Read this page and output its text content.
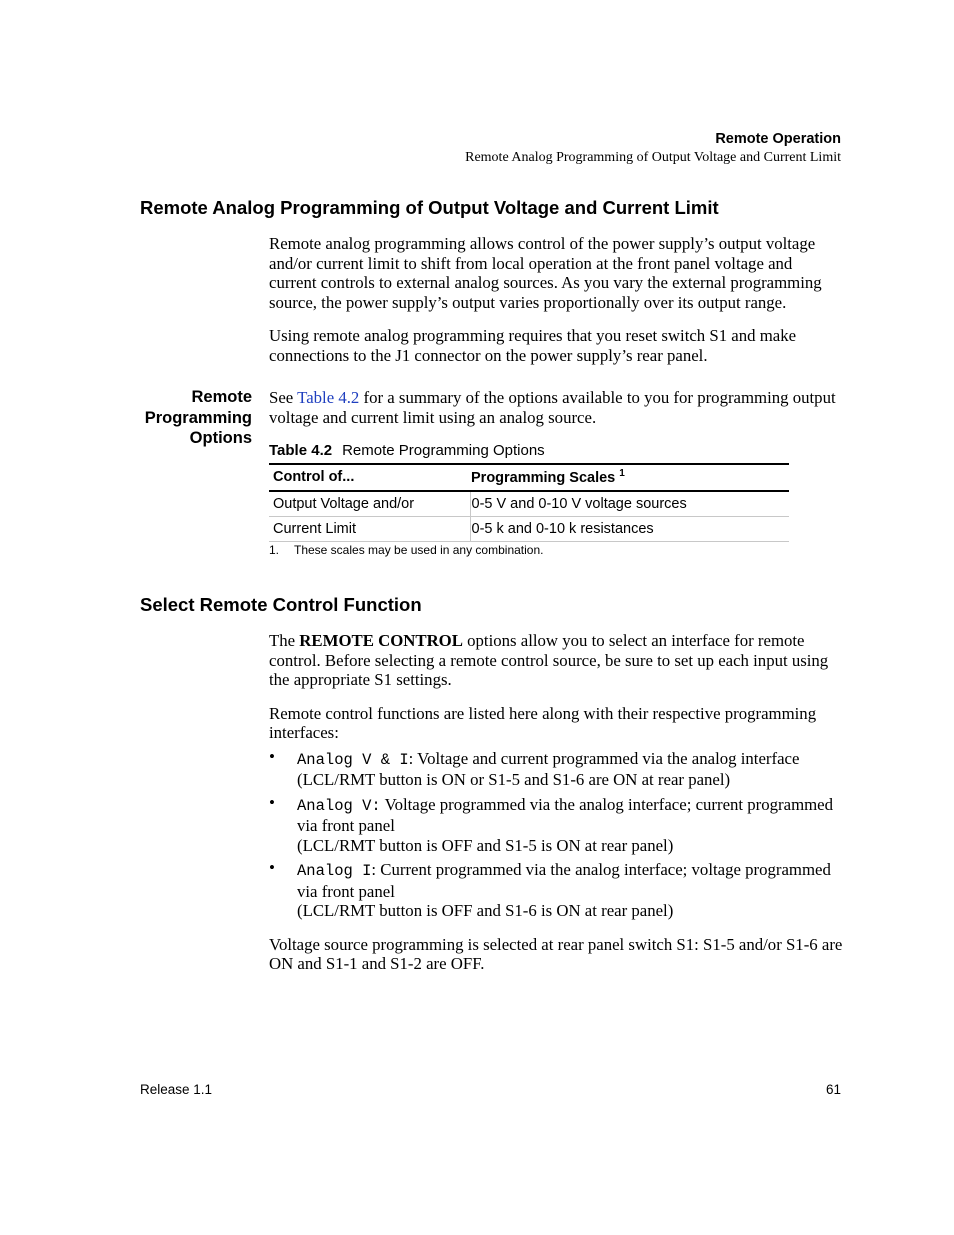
Remote Operation
Remote Analog Programming of Output Voltage and Current Limit
Remote Analog Programming of Output Voltage and Current Limit

Remote analog programming allows control of the power supply’s output voltage and/or current limit to shift from local operation at the front panel voltage and current controls to external analog sources. As you vary the external programming source, the power supply’s output varies proportionally over its output range.

Using remote analog programming requires that you reset switch S1 and make connections to the J1 connector on the power supply’s rear panel.

Remote
Programming
Options

See Table 4.2 for a summary of the options available to you for programming output voltage and current limit using an analog source.

Table 4.2 Remote Programming Options
Control of...	Programming Scales $^1$
Output Voltage and/or	0-5 V and 0-10 V voltage sources
Current Limit	0-5 k and 0-10 k resistances
1. These scales may be used in any combination.
Select Remote Control Function

The REMOTE CONTROL options allow you to select an interface for remote control. Before selecting a remote control source, be sure to set up each input using the appropriate S1 settings.

Remote control functions are listed here along with their respective programming interfaces:

• Analog V & I: Voltage and current programmed via the analog interface
(LCL/RMT button is ON or S1-5 and S1-6 are ON at rear panel)
• Analog V: Voltage programmed via the analog interface; current programmed via front panel
(LCL/RMT button is OFF and S1-5 is ON at rear panel)
• Analog I: Current programmed via the analog interface; voltage programmed via front panel
(LCL/RMT button is OFF and S1-6 is ON at rear panel)

Voltage source programming is selected at rear panel switch S1: S1-5 and/or S1-6 are ON and S1-1 and S1-2 are OFF.

Release 1.1	61
